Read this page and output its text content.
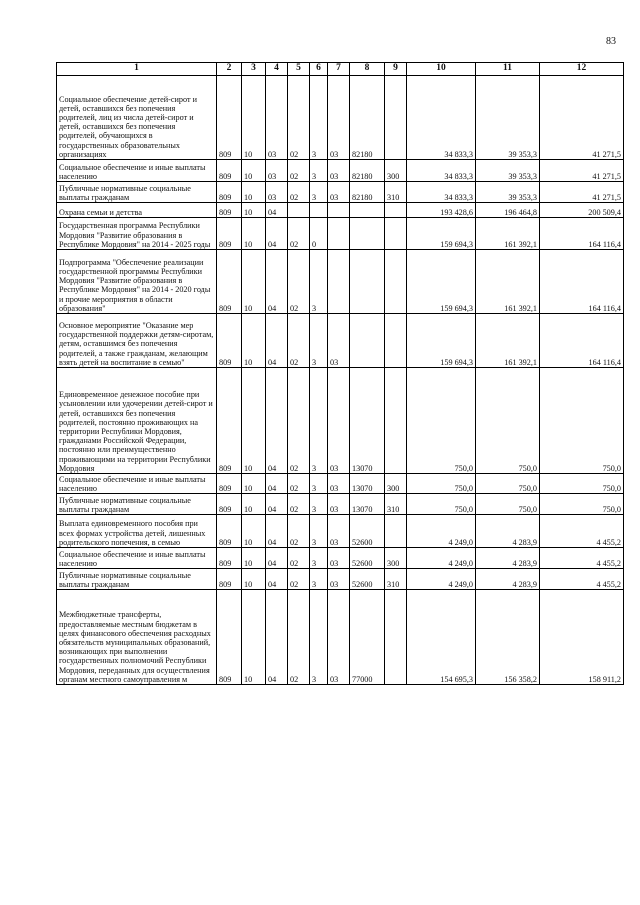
83
1	2	3	4	5	6	7	8	9	10	11	12
Социальное обеспечение детей-сирот и детей, оставшихся без попечения родителей, лиц из числа детей-сирот и детей, оставшихся без попечения родителей, обучающихся в государственных образовательных организациях	809	10	03	02	3	03	82180		34 833,3	39 353,3	41 271,5
Социальное обеспечение и иные выплаты населению	809	10	03	02	3	03	82180	300	34 833,3	39 353,3	41 271,5
Публичные нормативные социальные выплаты гражданам	809	10	03	02	3	03	82180	310	34 833,3	39 353,3	41 271,5
Охрана семьи и детства	809	10	04						193 428,6	196 464,8	200 509,4
Государственная программа Республики Мордовия "Развитие образования в Республике Мордовия" на 2014 - 2025 годы	809	10	04	02	0				159 694,3	161 392,1	164 116,4
Подпрограмма "Обеспечение реализации государственной программы Республики Мордовия "Развитие образования в Республике Мордовия" на 2014 - 2020 годы и прочие мероприятия в области образования"	809	10	04	02	3				159 694,3	161 392,1	164 116,4
Основное мероприятие "Оказание мер государственной поддержки детям-сиротам, детям, оставшимся без попечения родителей, а также гражданам, желающим взять детей на воспитание в семью"	809	10	04	02	3	03			159 694,3	161 392,1	164 116,4
Единовременное денежное пособие при усыновлении или удочерении детей-сирот и детей, оставшихся без попечения родителей, постоянно проживающих на территории Республики Мордовия, гражданами Российской Федерации, постоянно или преимущественно проживающими на территории Республики Мордовия	809	10	04	02	3	03	13070		750,0	750,0	750,0
Социальное обеспечение и иные выплаты населению	809	10	04	02	3	03	13070	300	750,0	750,0	750,0
Публичные нормативные социальные выплаты гражданам	809	10	04	02	3	03	13070	310	750,0	750,0	750,0
Выплата единовременного пособия при всех формах устройства детей, лишенных родительского попечения, в семью	809	10	04	02	3	03	52600		4 249,0	4 283,9	4 455,2
Социальное обеспечение и иные выплаты населению	809	10	04	02	3	03	52600	300	4 249,0	4 283,9	4 455,2
Публичные нормативные социальные выплаты гражданам	809	10	04	02	3	03	52600	310	4 249,0	4 283,9	4 455,2
Межбюджетные трансферты, предоставляемые местным бюджетам в целях финансового обеспечения расходных обязательств муниципальных образований, возникающих при выполнении государственных полномочий Республики Мордовия, переданных для осуществления органам местного самоуправления м	809	10	04	02	3	03	77000		154 695,3	156 358,2	158 911,2
